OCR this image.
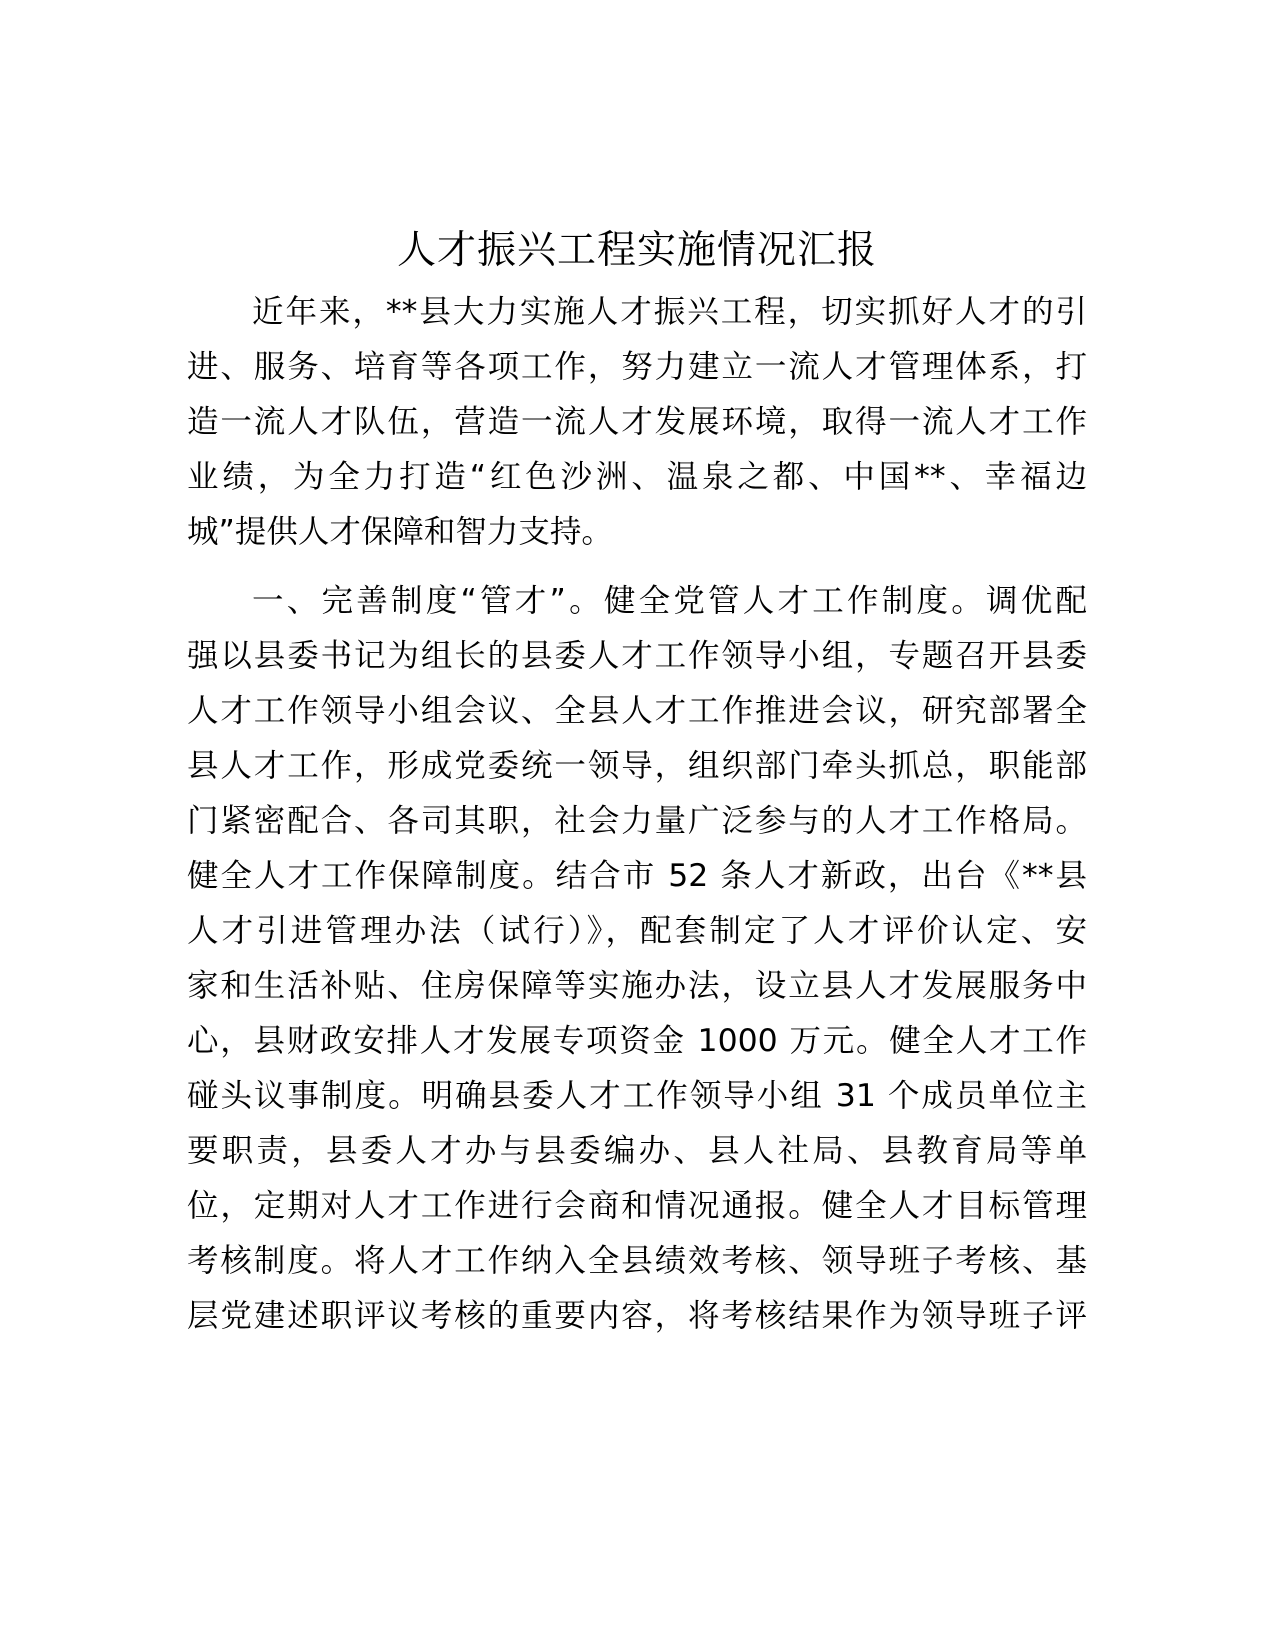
人才振兴工程实施情况汇报
近年来，**县大力实施人才振兴工程，切实抓好人才的引
进、服务、培育等各项工作，努力建立一流人才管理体系，打
造一流人才队伍，营造一流人才发展环境，取得一流人才工作
业绩，为全力打造“红色沙洲、温泉之都、中国**、幸福边
城”提供人才保障和智力支持。
一、完善制度“管才”。健全党管人才工作制度。调优配
强以县委书记为组长的县委人才工作领导小组，专题召开县委
人才工作领导小组会议、全县人才工作推进会议，研究部署全
县人才工作，形成党委统一领导，组织部门牵头抓总，职能部
门紧密配合、各司其职，社会力量广泛参与的人才工作格局。
健全人才工作保障制度。结合市 52 条人才新政，出台《**县
人才引进管理办法（试行）》，配套制定了人才评价认定、安
家和生活补贴、住房保障等实施办法，设立县人才发展服务中
心，县财政安排人才发展专项资金 1000 万元。健全人才工作
碰头议事制度。明确县委人才工作领导小组 31 个成员单位主
要职责，县委人才办与县委编办、县人社局、县教育局等单
位，定期对人才工作进行会商和情况通报。健全人才目标管理
考核制度。将人才工作纳入全县绩效考核、领导班子考核、基
层党建述职评议考核的重要内容，将考核结果作为领导班子评
